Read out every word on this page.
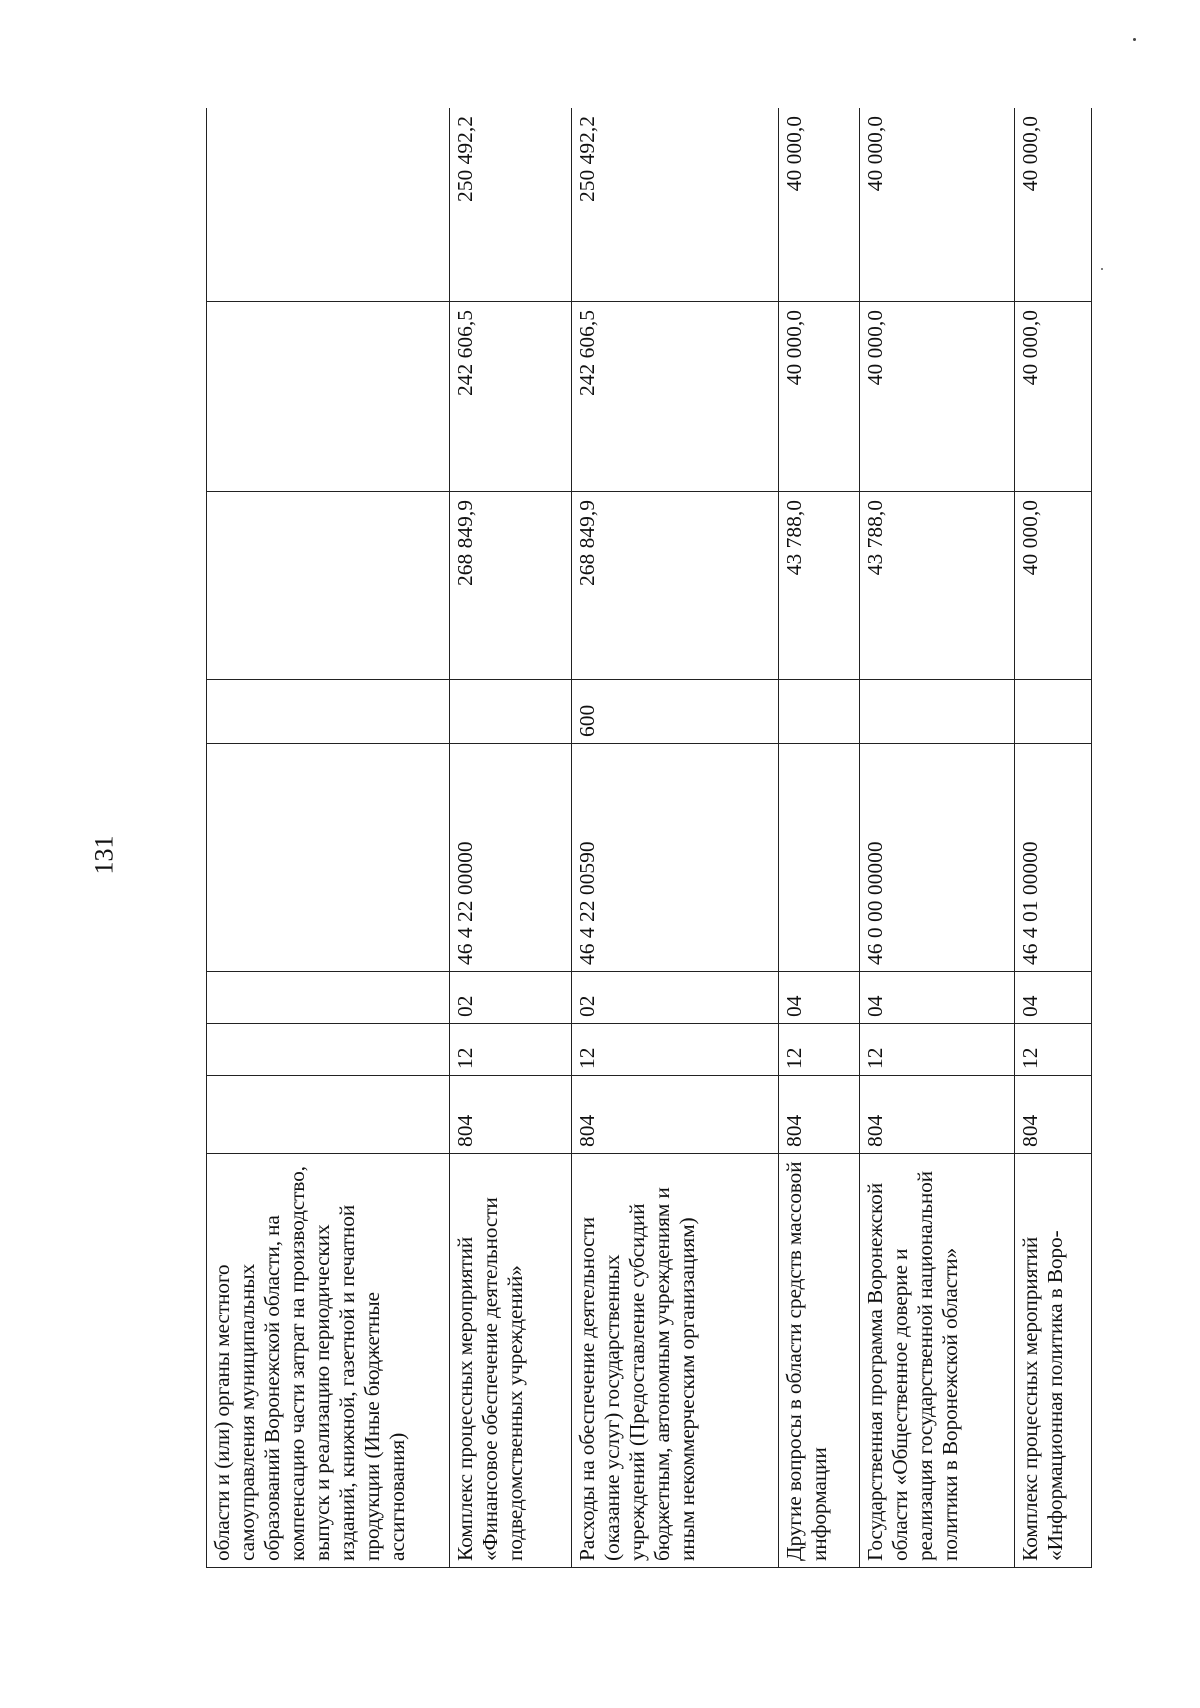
131
области и (или) органы местного самоуправления муниципальных образований Воронежской области, на компенсацию части затрат на производство, выпуск и реализацию периодических изданий, книжной, газетной и печатной продукции (Иные бюджетные ассигнования)								
Комплекс процессных мероприятий «Финансовое обеспечение деятельности подведомственных учреждений»	804	12	02	46 4 22 00000		268 849,9	242 606,5	250 492,2
Расходы на обеспечение деятельности (оказание услуг) государственных учреждений (Предоставление субсидий бюджетным, автономным учреждениям и иным некоммерческим организациям)	804	12	02	46 4 22 00590	600	268 849,9	242 606,5	250 492,2
Другие вопросы в области средств массовой информации	804	12	04			43 788,0	40 000,0	40 000,0
Государственная программа Воронежской области «Общественное доверие и реализация государственной национальной политики в Воронежской области»	804	12	04	46 0 00 00000		43 788,0	40 000,0	40 000,0
Комплекс процессных мероприятий «Информационная политика в Воро-	804	12	04	46 4 01 00000		40 000,0	40 000,0	40 000,0
